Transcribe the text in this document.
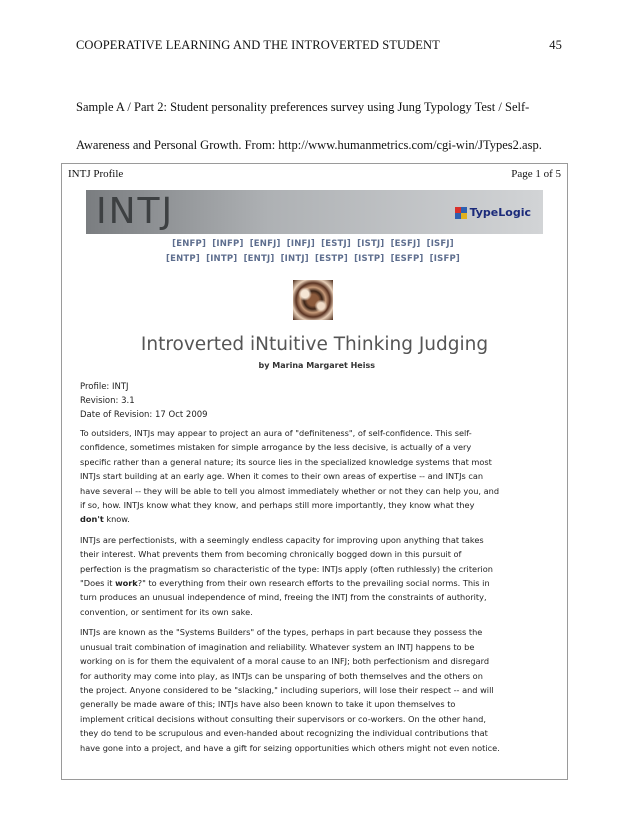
COOPERATIVE LEARNING AND THE INTROVERTED STUDENT	45
Sample A / Part 2: Student personality preferences survey using Jung Typology Test / Self-
Awareness and Personal Growth. From: http://www.humanmetrics.com/cgi-win/JTypes2.asp.
INTJ Profile	Page 1 of 5
INTJ	TypeLogic
[ENFP] [INFP] [ENFJ] [INFJ] [ESTJ] [ISTJ] [ESFJ] [ISFJ]
[ENTP] [INTP] [ENTJ] [INTJ] [ESTP] [ISTP] [ESFP] [ISFP]
Introverted iNtuitive Thinking Judging
by Marina Margaret Heiss
Profile: INTJ
Revision: 3.1
Date of Revision: 17 Oct 2009

To outsiders, INTJs may appear to project an aura of "definiteness", of self-confidence. This self-
confidence, sometimes mistaken for simple arrogance by the less decisive, is actually of a very
specific rather than a general nature; its source lies in the specialized knowledge systems that most
INTJs start building at an early age. When it comes to their own areas of expertise -- and INTJs can
have several -- they will be able to tell you almost immediately whether or not they can help you, and
if so, how. INTJs know what they know, and perhaps still more importantly, they know what they
don't know.

INTJs are perfectionists, with a seemingly endless capacity for improving upon anything that takes
their interest. What prevents them from becoming chronically bogged down in this pursuit of
perfection is the pragmatism so characteristic of the type: INTJs apply (often ruthlessly) the criterion
"Does it work?" to everything from their own research efforts to the prevailing social norms. This in
turn produces an unusual independence of mind, freeing the INTJ from the constraints of authority,
convention, or sentiment for its own sake.

INTJs are known as the "Systems Builders" of the types, perhaps in part because they possess the
unusual trait combination of imagination and reliability. Whatever system an INTJ happens to be
working on is for them the equivalent of a moral cause to an INFJ; both perfectionism and disregard
for authority may come into play, as INTJs can be unsparing of both themselves and the others on
the project. Anyone considered to be "slacking," including superiors, will lose their respect -- and will
generally be made aware of this; INTJs have also been known to take it upon themselves to
implement critical decisions without consulting their supervisors or co-workers. On the other hand,
they do tend to be scrupulous and even-handed about recognizing the individual contributions that
have gone into a project, and have a gift for seizing opportunities which others might not even notice.
